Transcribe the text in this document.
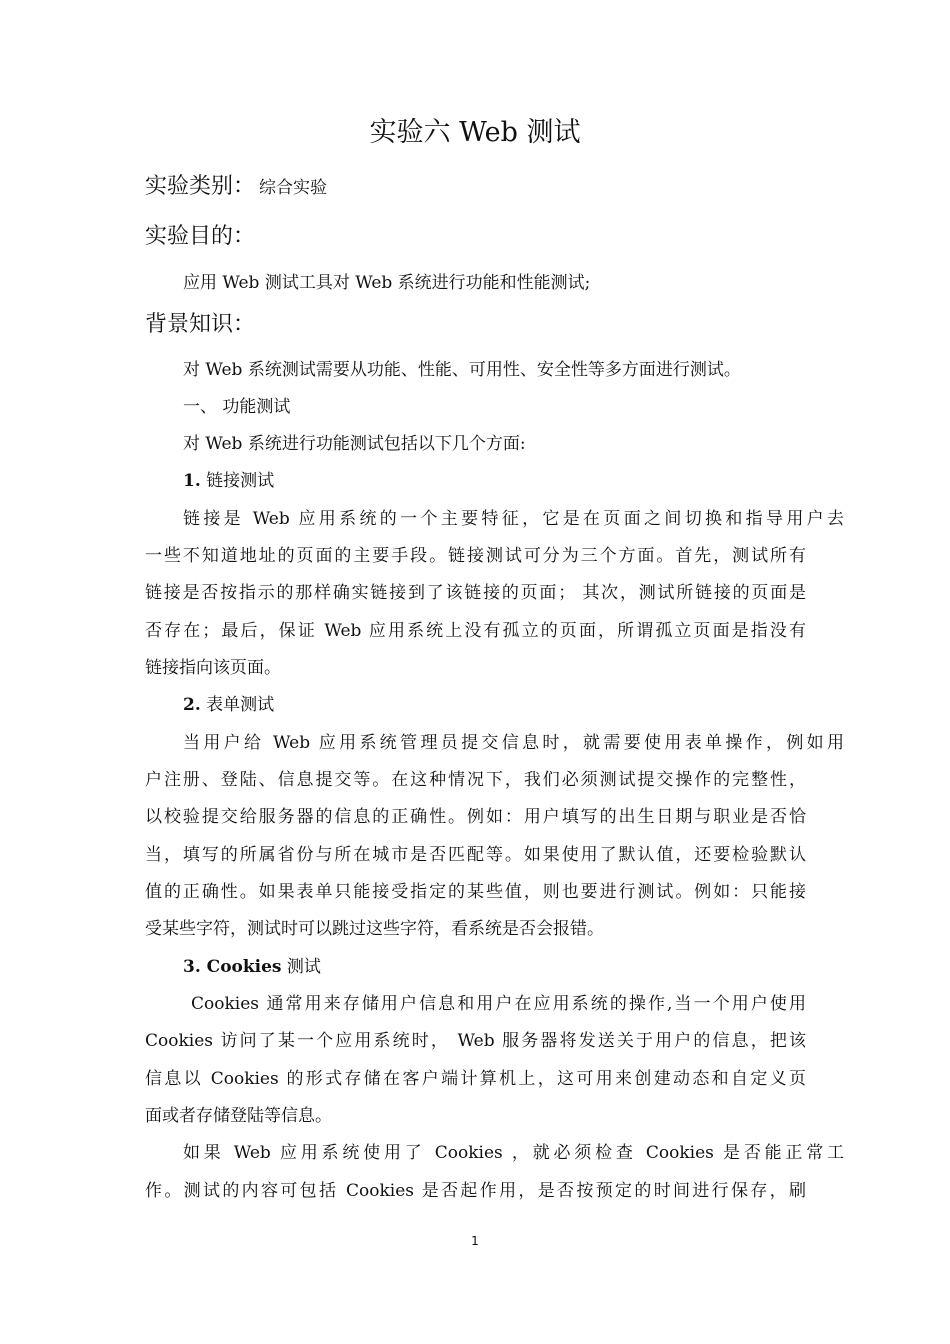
实验六 Web 测试
实验类别： 综合实验
实验目的：
应用 Web 测试工具对 Web 系统进行功能和性能测试;
背景知识：
对 Web 系统测试需要从功能、性能、可用性、安全性等多方面进行测试。
一、 功能测试
对 Web 系统进行功能测试包括以下几个方面:
1. 链接测试
链接是 Web 应用系统的一个主要特征，它是在页面之间切换和指导用户去
一些不知道地址的页面的主要手段。链接测试可分为三个方面。首先，测试所有
链接是否按指示的那样确实链接到了该链接的页面； 其次，测试所链接的页面是
否存在；最后，保证 Web 应用系统上没有孤立的页面，所谓孤立页面是指没有
链接指向该页面。
2. 表单测试
当用户给 Web 应用系统管理员提交信息时，就需要使用表单操作，例如用
户注册、登陆、信息提交等。在这种情况下，我们必须测试提交操作的完整性，
以校验提交给服务器的信息的正确性。例如：用户填写的出生日期与职业是否恰
当，填写的所属省份与所在城市是否匹配等。如果使用了默认值，还要检验默认
值的正确性。如果表单只能接受指定的某些值，则也要进行测试。例如：只能接
受某些字符，测试时可以跳过这些字符，看系统是否会报错。
3. Cookies 测试
Cookies 通常用来存储用户信息和用户在应用系统的操作,当一个用户使用
Cookies 访问了某一个应用系统时， Web 服务器将发送关于用户的信息，把该
信息以 Cookies 的形式存储在客户端计算机上，这可用来创建动态和自定义页
面或者存储登陆等信息。
如果 Web 应用系统使用了 Cookies ，就必须检查 Cookies 是否能正常工
作。测试的内容可包括 Cookies 是否起作用，是否按预定的时间进行保存，刷
1
